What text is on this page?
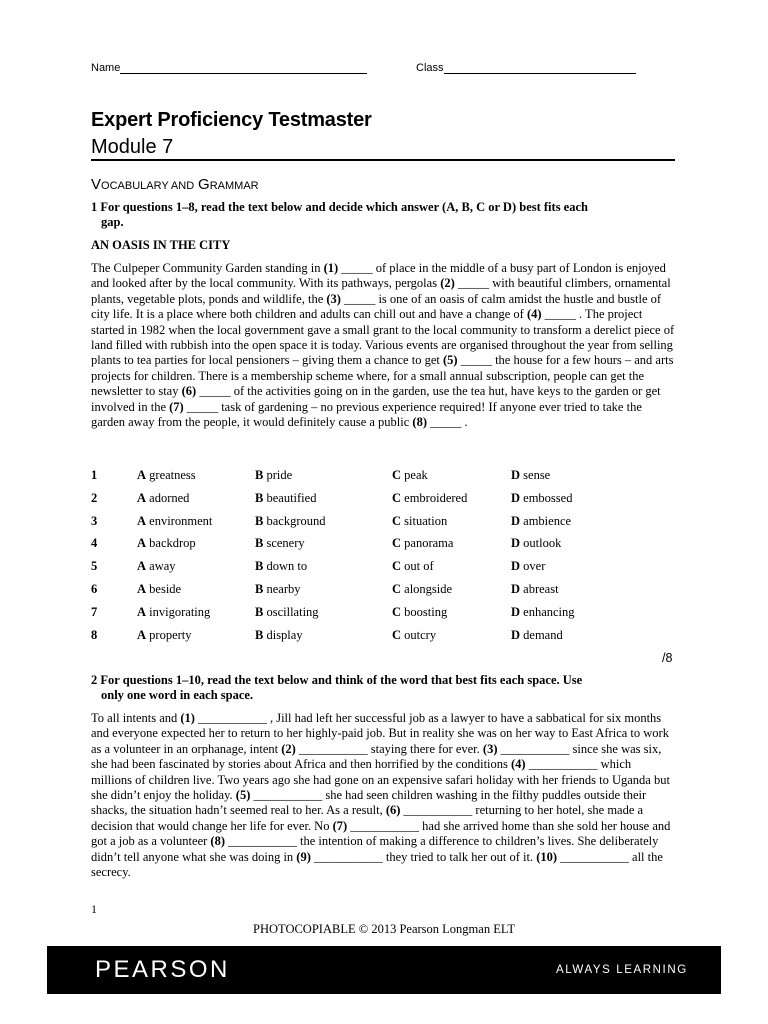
Name	Class
Expert Proficiency Testmaster
Module 7
VOCABULARY AND GRAMMAR
1 For questions 1–8, read the text below and decide which answer (A, B, C or D) best fits each
gap.
AN OASIS IN THE CITY
The Culpeper Community Garden standing in (1) _____ of place in the middle of a busy part of London is enjoyed and looked after by the local community. With its pathways, pergolas (2) _____ with beautiful climbers, ornamental plants, vegetable plots, ponds and wildlife, the (3) _____ is one of an oasis of calm amidst the hustle and bustle of city life. It is a place where both children and adults can chill out and have a change of (4) _____ . The project started in 1982 when the local government gave a small grant to the local community to transform a derelict piece of land filled with rubbish into the open space it is today. Various events are organised throughout the year from selling plants to tea parties for local pensioners – giving them a chance to get (5) _____ the house for a few hours – and arts projects for children. There is a membership scheme where, for a small annual subscription, people can get the newsletter to stay (6) _____ of the activities going on in the garden, use the tea hut, have keys to the garden or get involved in the (7) _____ task of gardening – no previous experience required! If anyone ever tried to take the garden away from the people, it would definitely cause a public (8) _____ .
1	A greatness	B pride	C peak	D sense
2	A adorned	B beautified	C embroidered	D embossed
3	A environment	B background	C situation	D ambience
4	A backdrop	B scenery	C panorama	D outlook
5	A away	B down to	C out of	D over
6	A beside	B nearby	C alongside	D abreast
7	A invigorating	B oscillating	C boosting	D enhancing
8	A property	B display	C outcry	D demand
/8
2 For questions 1–10, read the text below and think of the word that best fits each space. Use
only one word in each space.
To all intents and (1) ___________ , Jill had left her successful job as a lawyer to have a sabbatical for six months and everyone expected her to return to her highly-paid job. But in reality she was on her way to East Africa to work as a volunteer in an orphanage, intent (2) ___________ staying there for ever. (3) ___________ since she was six, she had been fascinated by stories about Africa and then horrified by the conditions (4) ___________ which millions of children live. Two years ago she had gone on an expensive safari holiday with her friends to Uganda but she didn’t enjoy the holiday. (5) ___________ she had seen children washing in the filthy puddles outside their shacks, the situation hadn’t seemed real to her. As a result, (6) ___________ returning to her hotel, she made a decision that would change her life for ever. No (7) ___________ had she arrived home than she sold her house and got a job as a volunteer (8) ___________ the intention of making a difference to children’s lives. She deliberately didn’t tell anyone what she was doing in (9) ___________ they tried to talk her out of it. (10) ___________ all the secrecy.
1
PHOTOCOPIABLE © 2013 Pearson Longman ELT
PEARSON	ALWAYS LEARNING
